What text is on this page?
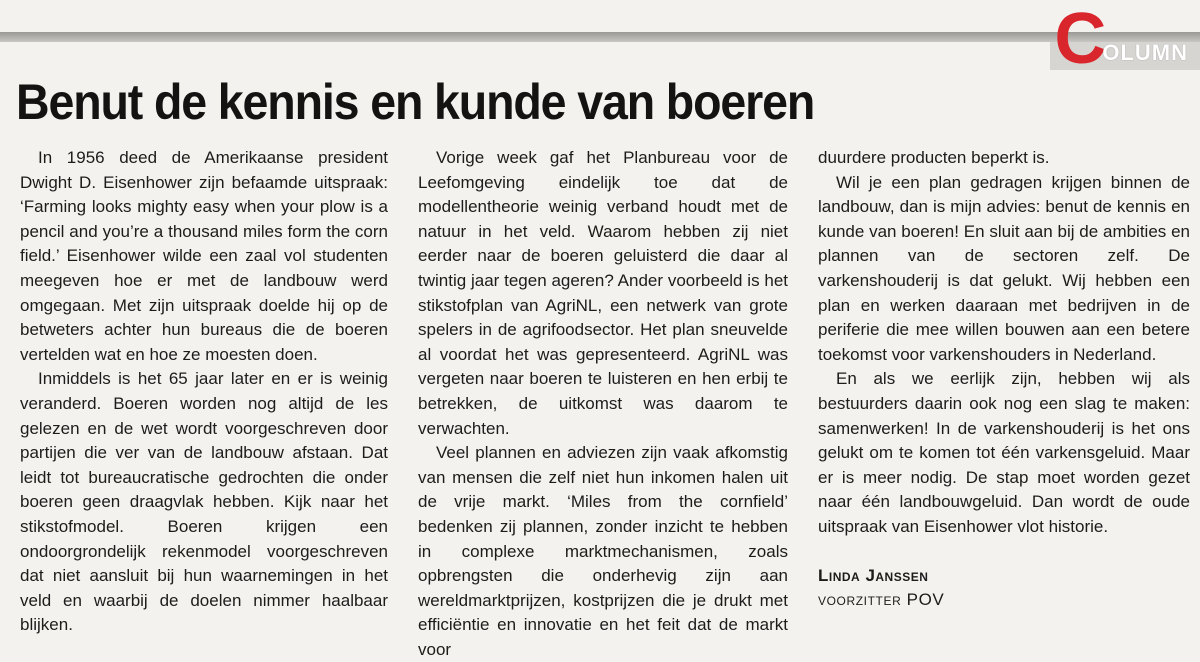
C
OLUMN
Benut de kennis en kunde van boeren

In 1956 deed de Amerikaanse president Dwight D. Eisenhower zijn befaamde uitspraak: ‘Farming looks mighty easy when your plow is a pencil and you’re a thousand miles form the corn field.’ Eisenhower wilde een zaal vol studenten meegeven hoe er met de landbouw werd omgegaan. Met zijn uitspraak doelde hij op de betweters achter hun bureaus die de boeren vertelden wat en hoe ze moesten doen.

Inmiddels is het 65 jaar later en er is weinig veranderd. Boeren worden nog altijd de les gelezen en de wet wordt voorgeschreven door partijen die ver van de landbouw afstaan. Dat leidt tot bureaucratische gedrochten die onder boeren geen draagvlak hebben. Kijk naar het stikstofmodel. Boeren krijgen een ondoorgrondelijk rekenmodel voorgeschreven dat niet aansluit bij hun waarnemingen in het veld en waarbij de doelen nimmer haalbaar blijken.

Vorige week gaf het Planbureau voor de Leefomgeving eindelijk toe dat de modellentheorie weinig verband houdt met de natuur in het veld. Waarom hebben zij niet eerder naar de boeren geluisterd die daar al twintig jaar tegen ageren? Ander voorbeeld is het stikstofplan van AgriNL, een netwerk van grote spelers in de agrifoodsector. Het plan sneuvelde al voordat het was gepresenteerd. AgriNL was vergeten naar boeren te luisteren en hen erbij te betrekken, de uitkomst was daarom te verwachten.

Veel plannen en adviezen zijn vaak afkomstig van mensen die zelf niet hun inkomen halen uit de vrije markt. ‘Miles from the cornfield’ bedenken zij plannen, zonder inzicht te hebben in complexe marktmechanismen, zoals opbrengsten die onderhevig zijn aan wereldmarktprijzen, kostprijzen die je drukt met efficiëntie en innovatie en het feit dat de markt voor

duurdere producten beperkt is.

Wil je een plan gedragen krijgen binnen de landbouw, dan is mijn advies: benut de kennis en kunde van boeren! En sluit aan bij de ambities en plannen van de sectoren zelf. De varkenshouderij is dat gelukt. Wij hebben een plan en werken daaraan met bedrijven in de periferie die mee willen bouwen aan een betere toekomst voor varkenshouders in Nederland.

En als we eerlijk zijn, hebben wij als bestuurders daarin ook nog een slag te maken: samenwerken! In de varkenshouderij is het ons gelukt om te komen tot één varkensgeluid. Maar er is meer nodig. De stap moet worden gezet naar één landbouwgeluid. Dan wordt de oude uitspraak van Eisenhower vlot historie.

Linda Janssen
voorzitter POV
